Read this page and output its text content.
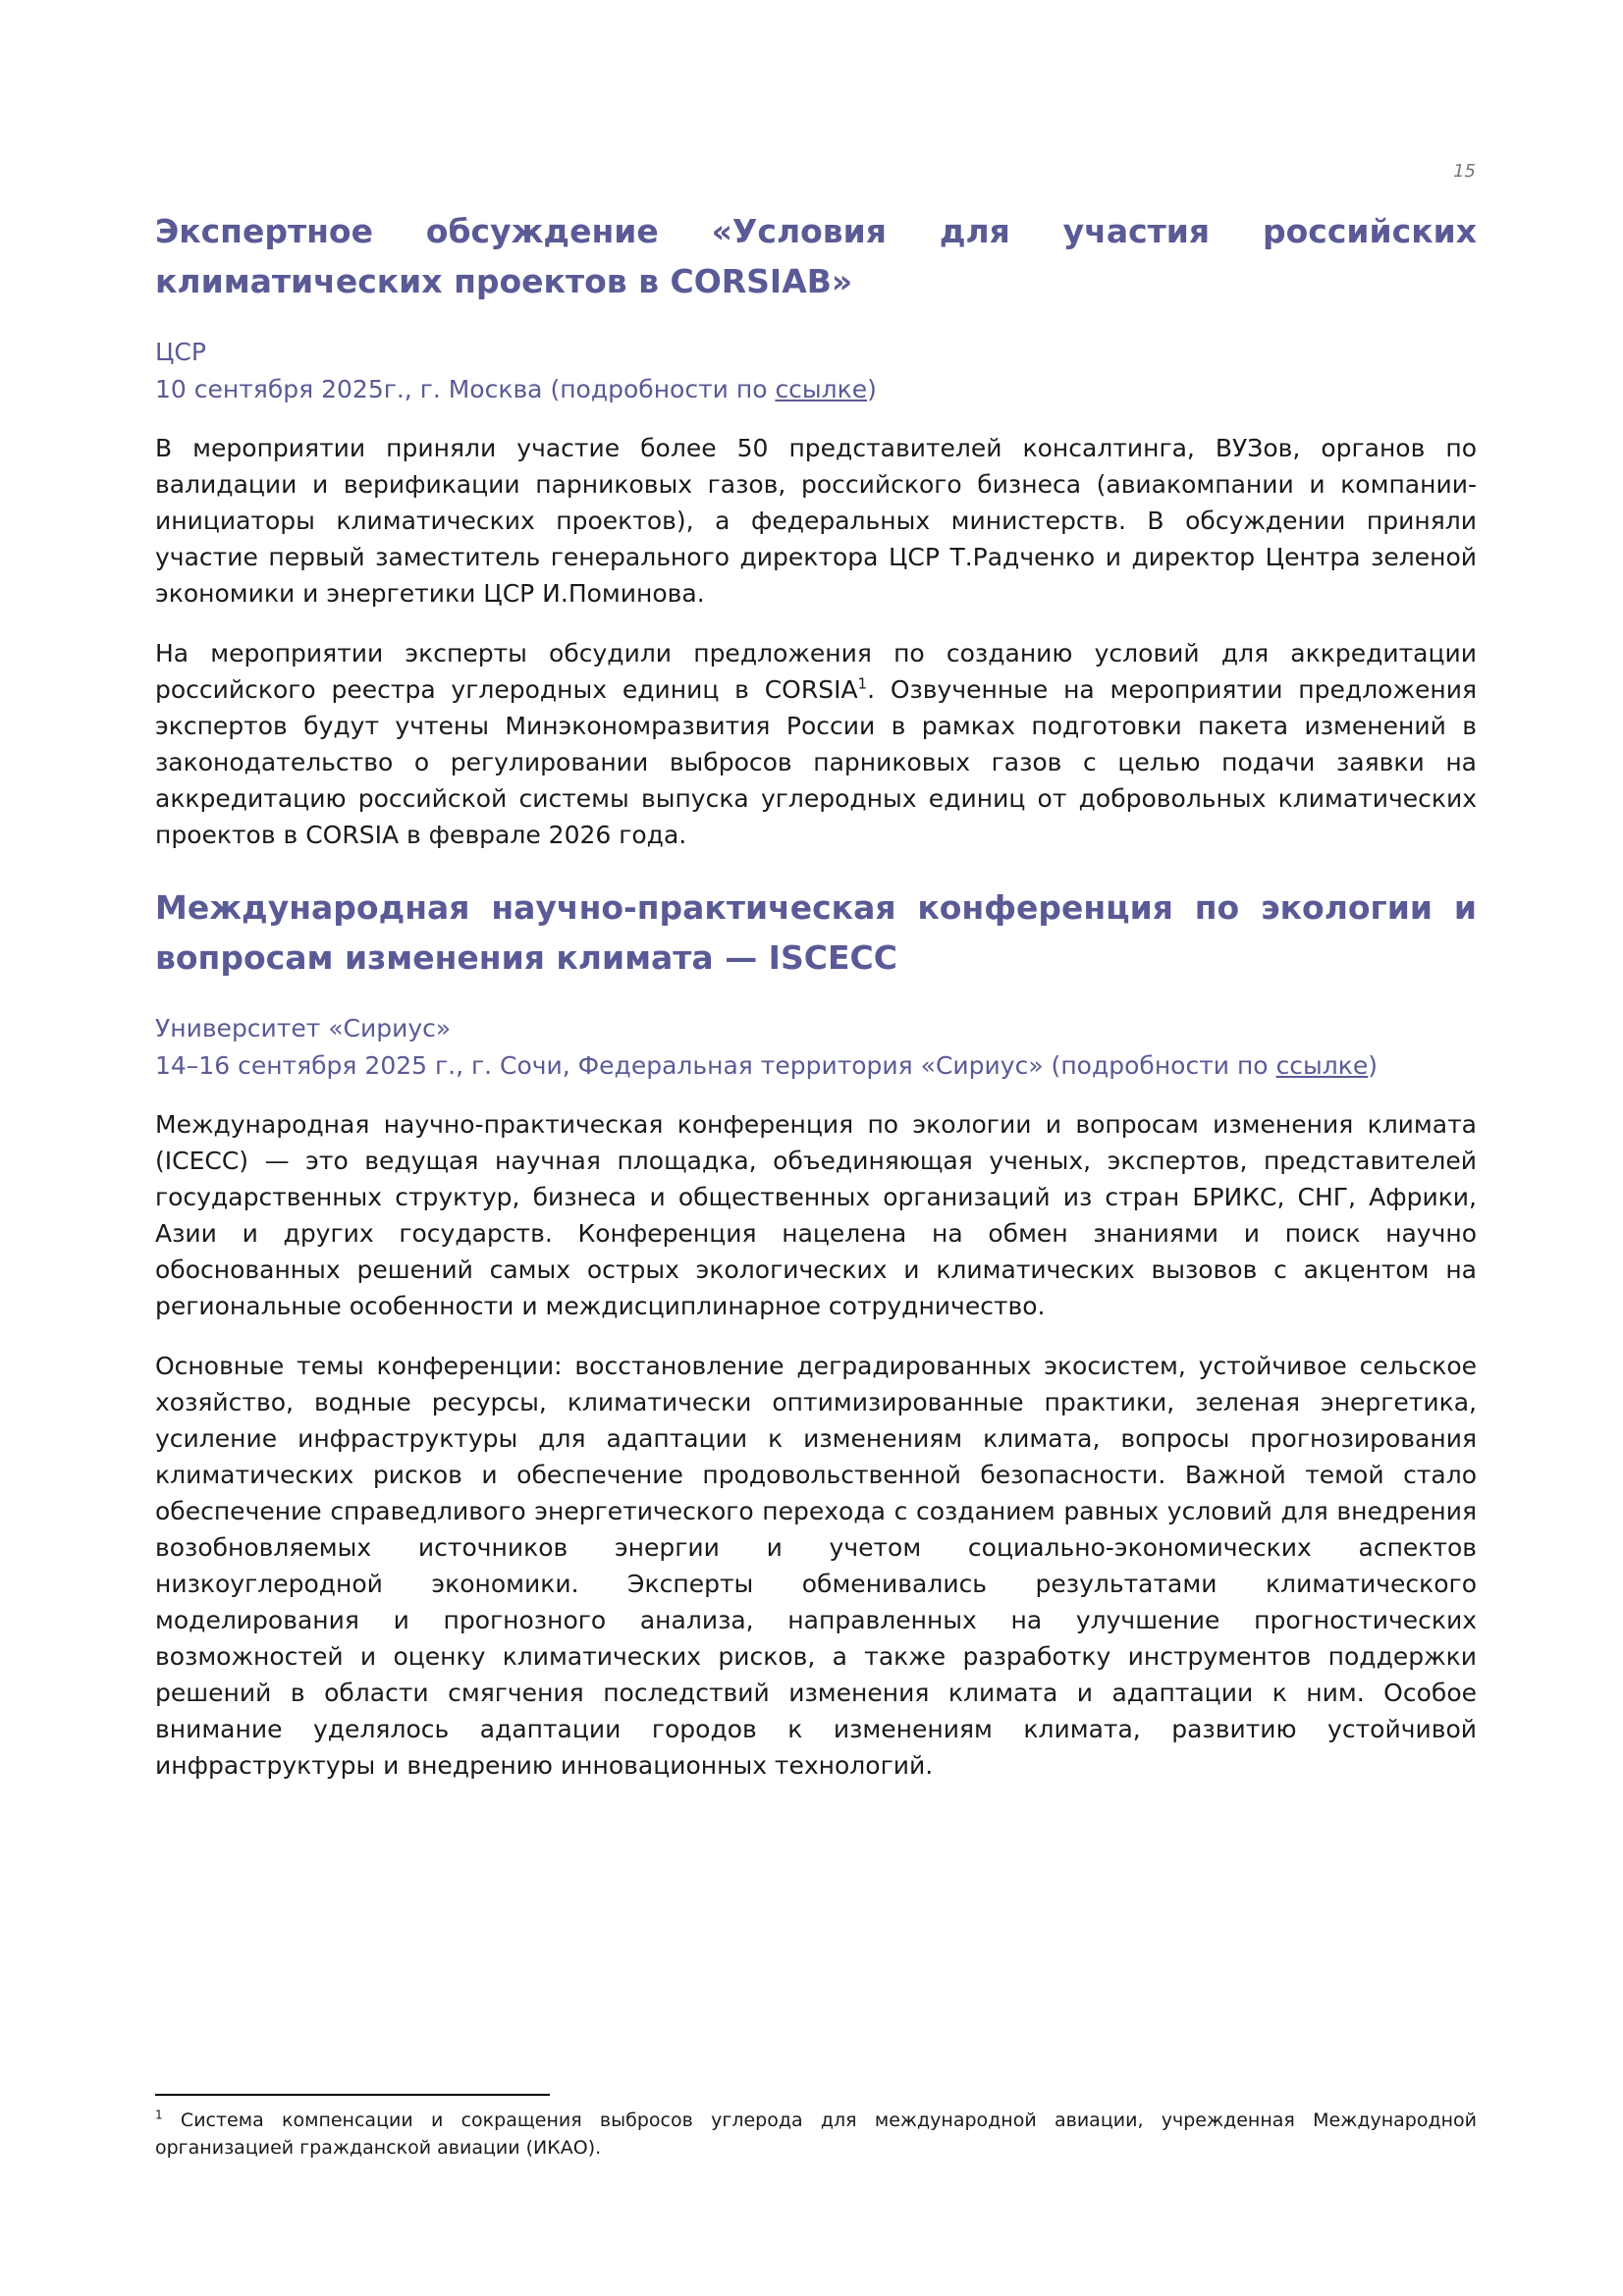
15
Экспертное обсуждение «Условия для участия российских климатических проектов в CORSIAB»
ЦСР
10 сентября 2025г., г. Москва (подробности по ссылке)

В мероприятии приняли участие более 50 представителей консалтинга, ВУЗов, органов по валидации и верификации парниковых газов, российского бизнеса (авиакомпании и компании-инициаторы климатических проектов), а федеральных министерств. В обсуждении приняли участие первый заместитель генерального директора ЦСР Т.Радченко и директор Центра зеленой экономики и энергетики ЦСР И.Поминова.

На мероприятии эксперты обсудили предложения по созданию условий для аккредитации российского реестра углеродных единиц в CORSIA$^1$. Озвученные на мероприятии предложения экспертов будут учтены Минэкономразвития России в рамках подготовки пакета изменений в законодательство о регулировании выбросов парниковых газов с целью подачи заявки на аккредитацию российской системы выпуска углеродных единиц от добровольных климатических проектов в CORSIA в феврале 2026 года.

Международная научно-практическая конференция по экологии и вопросам изменения климата — ISCECC
Университет «Сириус»
14–16 сентября 2025 г., г. Сочи, Федеральная территория «Сириус» (подробности по ссылке)

Международная научно-практическая конференция по экологии и вопросам изменения климата (ICECC) — это ведущая научная площадка, объединяющая ученых, экспертов, представителей государственных структур, бизнеса и общественных организаций из стран БРИКС, СНГ, Африки, Азии и других государств. Конференция нацелена на обмен знаниями и поиск научно обоснованных решений самых острых экологических и климатических вызовов с акцентом на региональные особенности и междисциплинарное сотрудничество.

Основные темы конференции: восстановление деградированных экосистем, устойчивое сельское хозяйство, водные ресурсы, климатически оптимизированные практики, зеленая энергетика, усиление инфраструктуры для адаптации к изменениям климата, вопросы прогнозирования климатических рисков и обеспечение продовольственной безопасности. Важной темой стало обеспечение справедливого энергетического перехода с созданием равных условий для внедрения возобновляемых источников энергии и учетом социально-экономических аспектов низкоуглеродной экономики. Эксперты обменивались результатами климатического моделирования и прогнозного анализа, направленных на улучшение прогностических возможностей и оценку климатических рисков, а также разработку инструментов поддержки решений в области смягчения последствий изменения климата и адаптации к ним. Особое внимание уделялось адаптации городов к изменениям климата, развитию устойчивой инфраструктуры и внедрению инновационных технологий.

$^1$ Система компенсации и сокращения выбросов углерода для международной авиации, учрежденная Международной организацией гражданской авиации (ИКАО).
